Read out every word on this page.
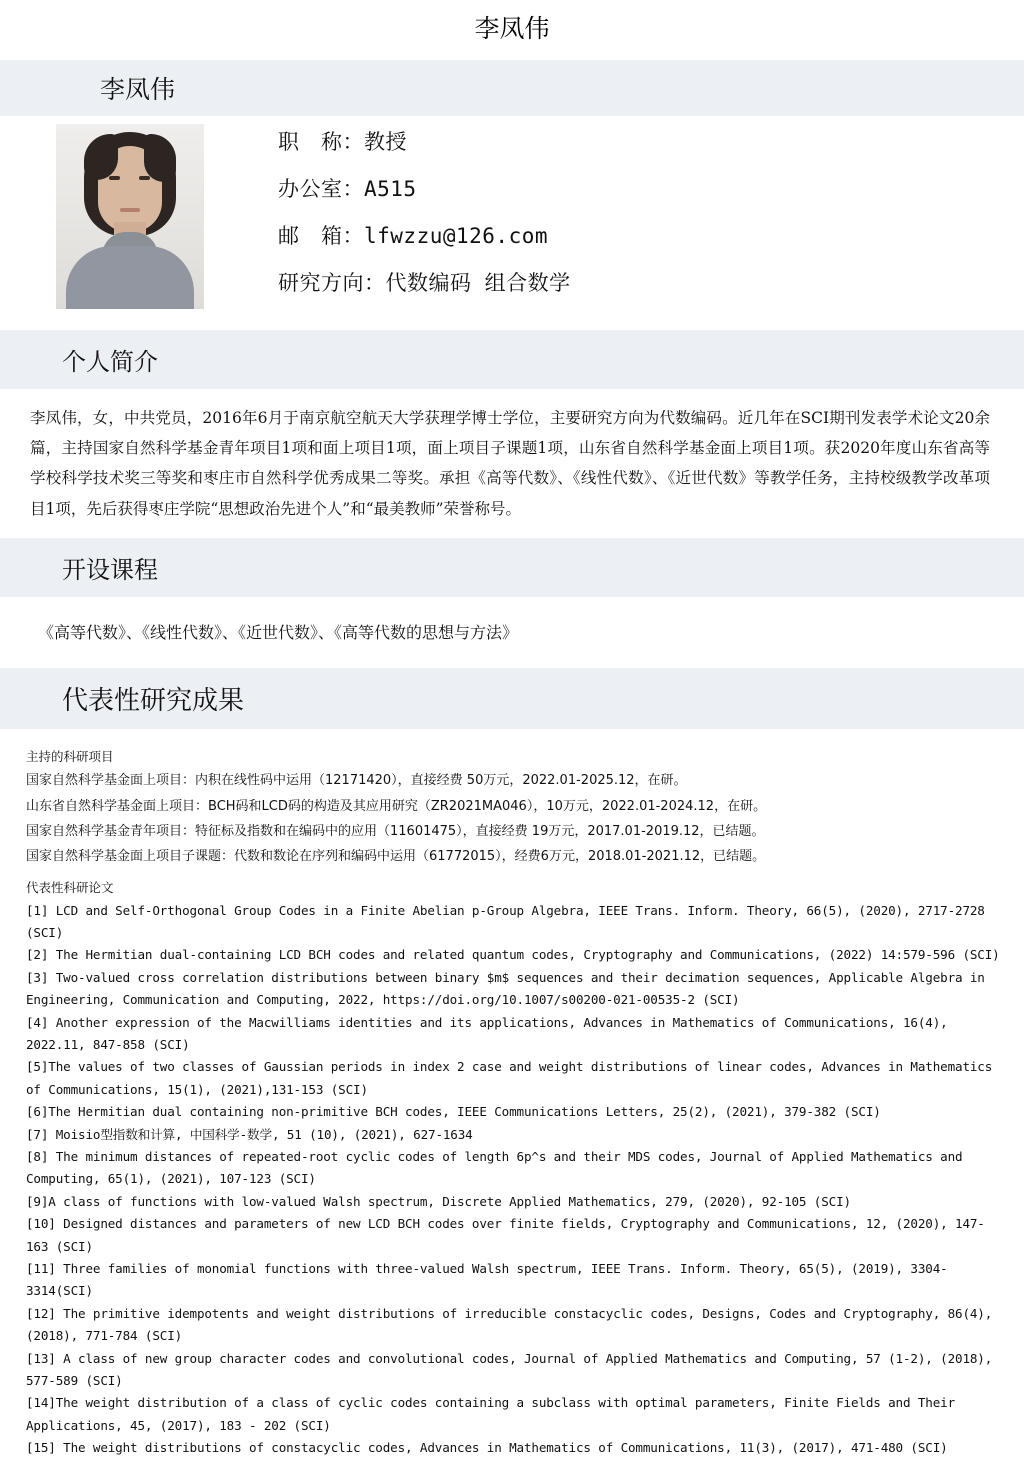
李凤伟
李凤伟
职　称：教授
办公室：A515
邮　箱：lfwzzu@126.com
研究方向：代数编码 组合数学
个人简介
李凤伟，女，中共党员，2016年6月于南京航空航天大学获理学博士学位，主要研究方向为代数编码。近几年在SCI期刊发表学术论文20余篇，主持国家自然科学基金青年项目1项和面上项目1项，面上项目子课题1项，山东省自然科学基金面上项目1项。获2020年度山东省高等学校科学技术奖三等奖和枣庄市自然科学优秀成果二等奖。承担《高等代数》、《线性代数》、《近世代数》等教学任务，主持校级教学改革项目1项，先后获得枣庄学院“思想政治先进个人”和“最美教师”荣誉称号。
开设课程
《高等代数》、《线性代数》、《近世代数》、《高等代数的思想与方法》
代表性研究成果
主持的科研项目
国家自然科学基金面上项目：内积在线性码中运用（12171420），直接经费 50万元，2022.01-2025.12，在研。
山东省自然科学基金面上项目：BCH码和LCD码的构造及其应用研究（ZR2021MA046），10万元，2022.01-2024.12，在研。
国家自然科学基金青年项目：特征标及指数和在编码中的应用（11601475），直接经费 19万元，2017.01-2019.12，已结题。
国家自然科学基金面上项目子课题：代数和数论在序列和编码中运用（61772015），经费6万元，2018.01-2021.12，已结题。
代表性科研论文
[1] LCD and Self-Orthogonal Group Codes in a Finite Abelian p-Group Algebra, IEEE Trans. Inform. Theory, 66(5), (2020), 2717-2728 (SCI)
[2] The Hermitian dual-containing LCD BCH codes and related quantum codes, Cryptography and Communications, (2022) 14:579-596 (SCI)
[3] Two-valued cross correlation distributions between binary $m$ sequences and their decimation sequences, Applicable Algebra in Engineering, Communication and Computing, 2022, https://doi.org/10.1007/s00200-021-00535-2 (SCI)
[4] Another expression of the Macwilliams identities and its applications, Advances in Mathematics of Communications, 16(4), 2022.11, 847-858 (SCI)
[5]The values of two classes of Gaussian periods in index 2 case and weight distributions of linear codes, Advances in Mathematics of Communications, 15(1), (2021),131-153 (SCI)
[6]The Hermitian dual containing non-primitive BCH codes, IEEE Communications Letters, 25(2), (2021), 379-382 (SCI)
[7] Moisio型指数和计算, 中国科学-数学, 51 (10), (2021), 627-1634
[8] The minimum distances of repeated-root cyclic codes of length 6p^s and their MDS codes, Journal of Applied Mathematics and Computing, 65(1), (2021), 107-123 (SCI)
[9]A class of functions with low-valued Walsh spectrum, Discrete Applied Mathematics, 279, (2020), 92-105 (SCI)
[10] Designed distances and parameters of new LCD BCH codes over finite fields, Cryptography and Communications, 12, (2020), 147-163 (SCI)
[11] Three families of monomial functions with three-valued Walsh spectrum, IEEE Trans. Inform. Theory, 65(5), (2019), 3304-3314(SCI)
[12] The primitive idempotents and weight distributions of irreducible constacyclic codes, Designs, Codes and Cryptography, 86(4), (2018), 771-784 (SCI)
[13] A class of new group character codes and convolutional codes, Journal of Applied Mathematics and Computing, 57 (1-2), (2018), 577-589 (SCI)
[14]The weight distribution of a class of cyclic codes containing a subclass with optimal parameters, Finite Fields and Their Applications, 45, (2017), 183 - 202 (SCI)
[15] The weight distributions of constacyclic codes, Advances in Mathematics of Communications, 11(3), (2017), 471-480 (SCI)
